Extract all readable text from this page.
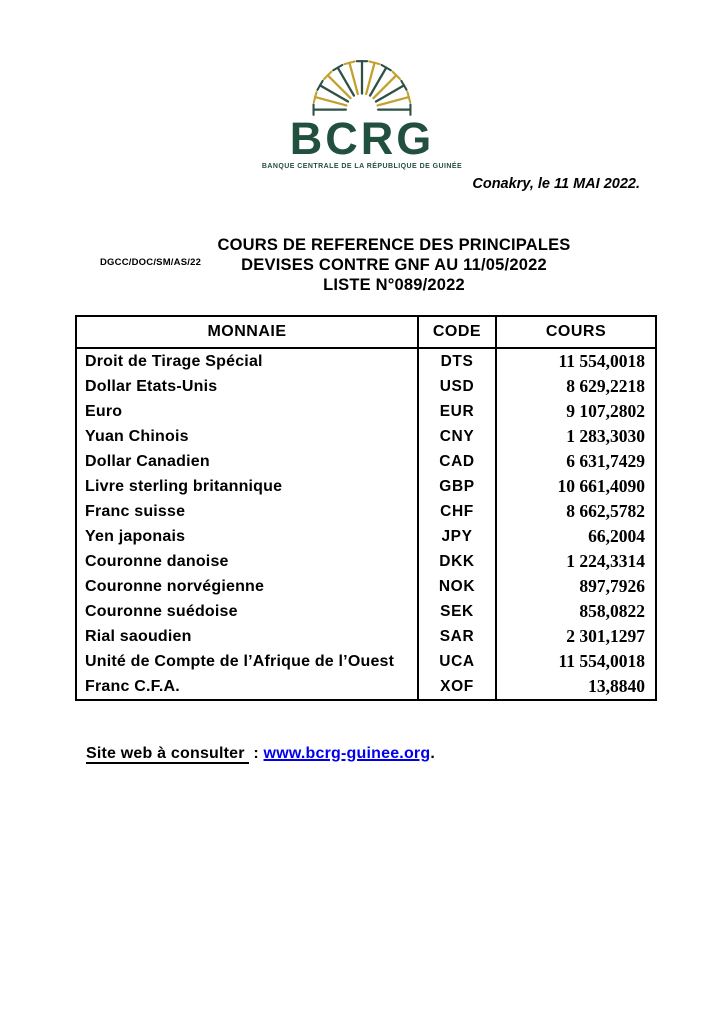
BCRG
BANQUE CENTRALE DE LA RÉPUBLIQUE DE GUINÉE
Conakry, le 11 MAI 2022.
DGCC/DOC/SM/AS/22
COURS DE REFERENCE DES PRINCIPALES
DEVISES CONTRE GNF AU 11/05/2022
LISTE N°089/2022
MONNAIE	CODE	COURS
Droit de Tirage Spécial	DTS	11 554,0018
Dollar Etats-Unis	USD	8 629,2218
Euro	EUR	9 107,2802
Yuan Chinois	CNY	1 283,3030
Dollar Canadien	CAD	6 631,7429
Livre sterling britannique	GBP	10 661,4090
Franc suisse	CHF	8 662,5782
Yen japonais	JPY	66,2004
Couronne danoise	DKK	1 224,3314
Couronne norvégienne	NOK	897,7926
Couronne suédoise	SEK	858,0822
Rial saoudien	SAR	2 301,1297
Unité de Compte de l’Afrique de l’Ouest	UCA	11 554,0018
Franc C.F.A.	XOF	13,8840
Site web à consulter : www.bcrg-guinee.org.
